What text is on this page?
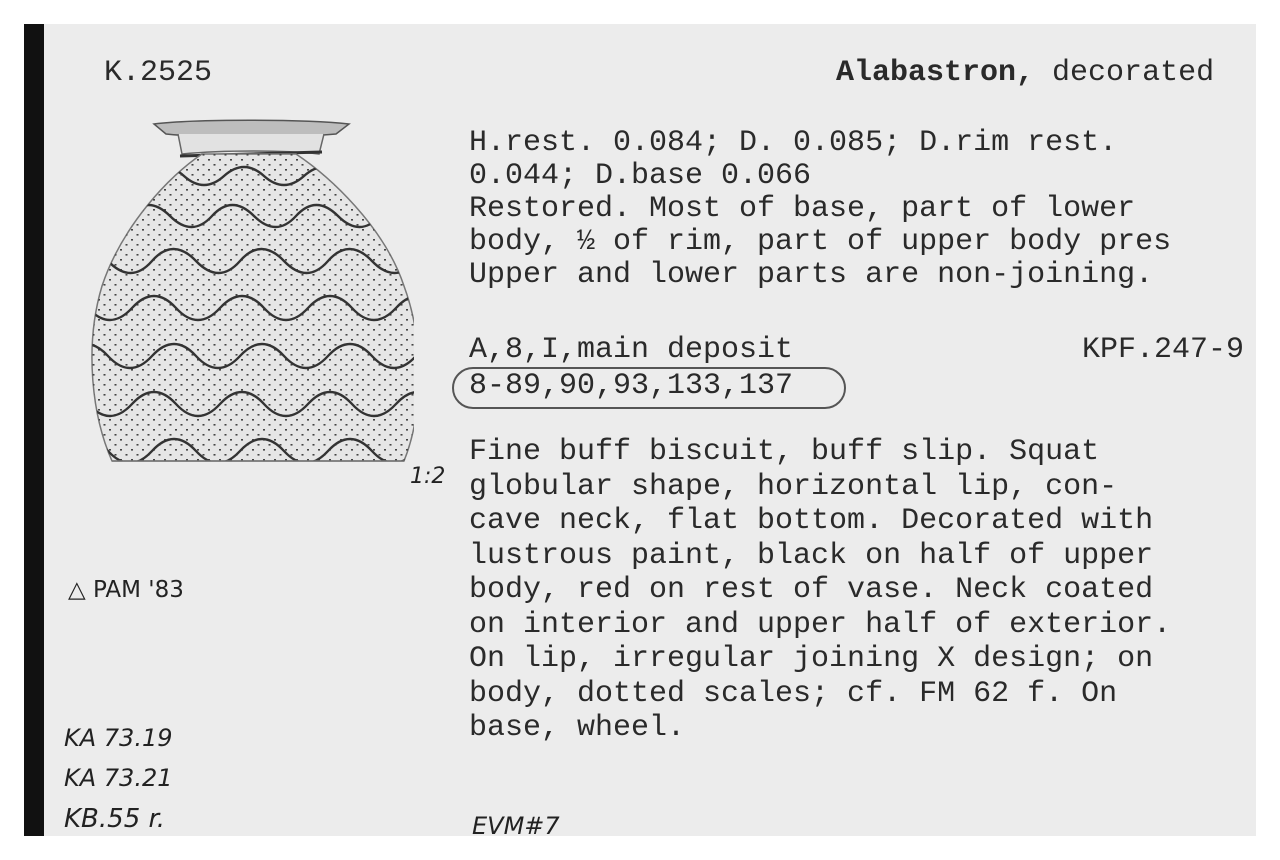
K.2525	Alabastron, decorated
H.rest. 0.084; D. 0.085; D.rim rest.
0.044; D.base 0.066
Restored. Most of base, part of lower
body, ½ of rim, part of upper body pres
Upper and lower parts are non-joining.
A,8,I,main deposit	KPF.247-9
8-89,90,93,133,137
1:2
Fine buff biscuit, buff slip. Squat
globular shape, horizontal lip, con-
cave neck, flat bottom. Decorated with
lustrous paint, black on half of upper
body, red on rest of vase. Neck coated
on interior and upper half of exterior.
On lip, irregular joining X design; on
body, dotted scales; cf. FM 62 f. On
base, wheel.
△ PAM '83
KA 73.19
KA 73.21
KB.55 r.	EVM#7
